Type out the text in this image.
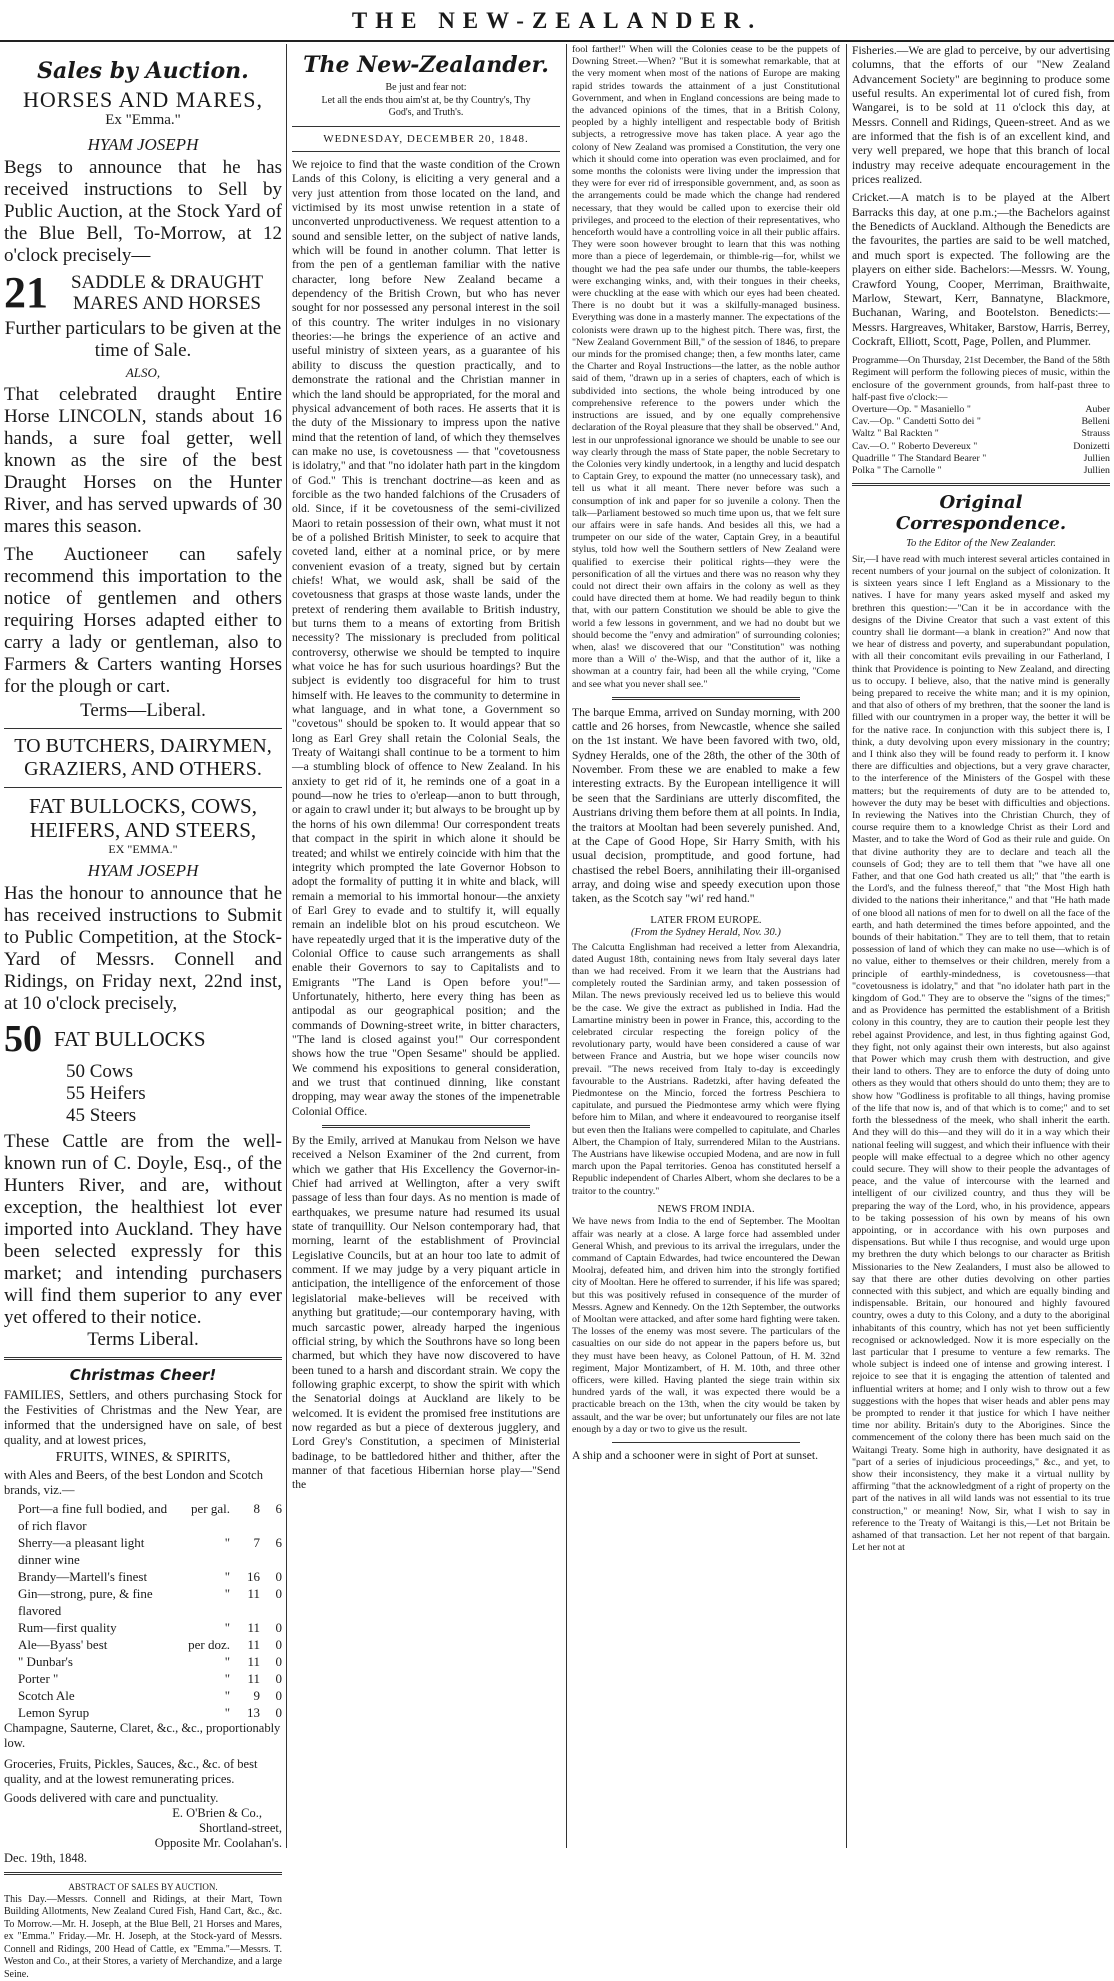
THE NEW-ZEALANDER.
Sales by Auction.
HORSES AND MARES,
Ex "Emma."
HYAM JOSEPH
Begs to announce that he has received instructions to Sell by Public Auction, at the Stock Yard of the Blue Bell, To-Morrow, at 12 o'clock precisely—
21	SADDLE & DRAUGHT MARES AND HORSES
Further particulars to be given at the time of Sale.
ALSO,
That celebrated draught Entire Horse LINCOLN, stands about 16 hands, a sure foal getter, well known as the sire of the best Draught Horses on the Hunter River, and has served upwards of 30 mares this season.
The Auctioneer can safely recommend this importation to the notice of gentlemen and others requiring Horses adapted either to carry a lady or gentleman, also to Farmers & Carters wanting Horses for the plough or cart.
Terms—Liberal.
TO BUTCHERS, DAIRYMEN, GRAZIERS, AND OTHERS.
FAT BULLOCKS, COWS, HEIFERS, AND STEERS,
EX "EMMA."
HYAM JOSEPH
Has the honour to announce that he has received instructions to Submit to Public Competition, at the Stock-Yard of Messrs. Connell and Ridings, on Friday next, 22nd inst, at 10 o'clock precisely,
50 FAT BULLOCKS
50 Cows
55 Heifers
45 Steers
These Cattle are from the well-known run of C. Doyle, Esq., of the Hunters River, and are, without exception, the healthiest lot ever imported into Auckland. They have been selected expressly for this market; and intending purchasers will find them superior to any ever yet offered to their notice.
Terms Liberal.
Christmas Cheer!
FAMILIES, Settlers, and others purchasing Stock for the Festivities of Christmas and the New Year, are informed that the undersigned have on sale, of best quality, and at lowest prices,
FRUITS, WINES, & SPIRITS,
with Ales and Beers, of the best London and Scotch brands, viz.—
Port—a fine full bodied, and of rich flavor
per gal.	8	6
Sherry—a pleasant light dinner wine
"	7	6
Brandy—Martell's finest	"	16	0
Gin—strong, pure, & fine flavored
"	11	0
Rum—first quality	"	11	0
Ale—Byass' best	per doz.	11	0
" Dunbar's	"	11	0
Porter "	"	11	0
Scotch Ale	"	9	0
Lemon Syrup	"	13	0
Champagne, Sauterne, Claret, &c., &c., proportionably low.
Groceries, Fruits, Pickles, Sauces, &c., &c. of best quality, and at the lowest remunerating prices.
Goods delivered with care and punctuality.
E. O'Brien & Co.,
Shortland-street,
Opposite Mr. Coolahan's.
Dec. 19th, 1848.
ABSTRACT OF SALES BY AUCTION.
This Day.—Messrs. Connell and Ridings, at their Mart, Town Building Allotments, New Zealand Cured Fish, Hand Cart, &c., &c. To Morrow.—Mr. H. Joseph, at the Blue Bell, 21 Horses and Mares, ex "Emma." Friday.—Mr. H. Joseph, at the Stock-yard of Messrs. Connell and Ridings, 200 Head of Cattle, ex "Emma."—Messrs. T. Weston and Co., at their Stores, a variety of Merchandize, and a large Seine.
The New-Zealander.
Be just and fear not:
Let all the ends thou aim'st at, be thy Country's, Thy God's, and Truth's.
WEDNESDAY, DECEMBER 20, 1848.
We rejoice to find that the waste condition of the Crown Lands of this Colony, is eliciting a very general and a very just attention from those located on the land, and victimised by its most unwise retention in a state of unconverted unproductiveness. We request attention to a sound and sensible letter, on the subject of native lands, which will be found in another column. That letter is from the pen of a gentleman familiar with the native character, long before New Zealand became a dependency of the British Crown, but who has never sought for nor possessed any personal interest in the soil of this country. The writer indulges in no visionary theories:—he brings the experience of an active and useful ministry of sixteen years, as a guarantee of his ability to discuss the question practically, and to demonstrate the rational and the Christian manner in which the land should be appropriated, for the moral and physical advancement of both races. He asserts that it is the duty of the Missionary to impress upon the native mind that the retention of land, of which they themselves can make no use, is covetousness — that "covetousness is idolatry," and that "no idolater hath part in the kingdom of God." This is trenchant doctrine—as keen and as forcible as the two handed falchions of the Crusaders of old. Since, if it be covetousness of the semi-civilized Maori to retain possession of their own, what must it not be of a polished British Minister, to seek to acquire that coveted land, either at a nominal price, or by mere convenient evasion of a treaty, signed but by certain chiefs! What, we would ask, shall be said of the covetousness that grasps at those waste lands, under the pretext of rendering them available to British industry, but turns them to a means of extorting from British necessity? The missionary is precluded from political controversy, otherwise we should be tempted to inquire what voice he has for such usurious hoardings? But the subject is evidently too disgraceful for him to trust himself with. He leaves to the community to determine in what language, and in what tone, a Government so "covetous" should be spoken to. It would appear that so long as Earl Grey shall retain the Colonial Seals, the Treaty of Waitangi shall continue to be a torment to him—a stumbling block of offence to New Zealand. In his anxiety to get rid of it, he reminds one of a goat in a pound—now he tries to o'erleap—anon to butt through, or again to crawl under it; but always to be brought up by the horns of his own dilemma! Our correspondent treats that compact in the spirit in which alone it should be treated; and whilst we entirely coincide with him that the integrity which prompted the late Governor Hobson to adopt the formality of putting it in white and black, will remain a memorial to his immortal honour—the anxiety of Earl Grey to evade and to stultify it, will equally remain an indelible blot on his proud escutcheon. We have repeatedly urged that it is the imperative duty of the Colonial Office to cause such arrangements as shall enable their Governors to say to Capitalists and to Emigrants "The Land is Open before you!"—Unfortunately, hitherto, here every thing has been as antipodal as our geographical position; and the commands of Downing-street write, in bitter characters, "The land is closed against you!" Our correspondent shows how the true "Open Sesame" should be applied. We commend his expositions to general consideration, and we trust that continued dinning, like constant dropping, may wear away the stones of the impenetrable Colonial Office.
By the Emily, arrived at Manukau from Nelson we have received a Nelson Examiner of the 2nd current, from which we gather that His Excellency the Governor-in-Chief had arrived at Wellington, after a very swift passage of less than four days. As no mention is made of earthquakes, we presume nature had resumed its usual state of tranquillity. Our Nelson contemporary had, that morning, learnt of the establishment of Provincial Legislative Councils, but at an hour too late to admit of comment. If we may judge by a very piquant article in anticipation, the intelligence of the enforcement of those legislatorial make-believes will be received with anything but gratitude;—our contemporary having, with much sarcastic power, already harped the ingenious official string, by which the Southrons have so long been charmed, but which they have now discovered to have been tuned to a harsh and discordant strain. We copy the following graphic excerpt, to show the spirit with which the Senatorial doings at Auckland are likely to be welcomed. It is evident the promised free institutions are now regarded as but a piece of dexterous jugglery, and Lord Grey's Constitution, a specimen of Ministerial badinage, to be battledored hither and thither, after the manner of that facetious Hibernian horse play—"Send the
fool farther!" When will the Colonies cease to be the puppets of Downing Street.—When? "But it is somewhat remarkable, that at the very moment when most of the nations of Europe are making rapid strides towards the attainment of a just Constitutional Government, and when in England concessions are being made to the advanced opinions of the times, that in a British Colony, peopled by a highly intelligent and respectable body of British subjects, a retrogressive move has taken place. A year ago the colony of New Zealand was promised a Constitution, the very one which it should come into operation was even proclaimed, and for some months the colonists were living under the impression that they were for ever rid of irresponsible government, and, as soon as the arrangements could be made which the change had rendered necessary, that they would be called upon to exercise their old privileges, and proceed to the election of their representatives, who henceforth would have a controlling voice in all their public affairs. They were soon however brought to learn that this was nothing more than a piece of legerdemain, or thimble-rig—for, whilst we thought we had the pea safe under our thumbs, the table-keepers were exchanging winks, and, with their tongues in their cheeks, were chuckling at the ease with which our eyes had been cheated. There is no doubt but it was a skilfully-managed business. Everything was done in a masterly manner. The expectations of the colonists were drawn up to the highest pitch. There was, first, the "New Zealand Government Bill," of the session of 1846, to prepare our minds for the promised change; then, a few months later, came the Charter and Royal Instructions—the latter, as the noble author said of them, "drawn up in a series of chapters, each of which is subdivided into sections, the whole being introduced by one comprehensive reference to the powers under which the instructions are issued, and by one equally comprehensive declaration of the Royal pleasure that they shall be observed." And, lest in our unprofessional ignorance we should be unable to see our way clearly through the mass of State paper, the noble Secretary to the Colonies very kindly undertook, in a lengthy and lucid despatch to Captain Grey, to expound the matter (no unnecessary task), and tell us what it all meant. There never before was such a consumption of ink and paper for so juvenile a colony. Then the talk—Parliament bestowed so much time upon us, that we felt sure our affairs were in safe hands. And besides all this, we had a trumpeter on our side of the water, Captain Grey, in a beautiful stylus, told how well the Southern settlers of New Zealand were qualified to exercise their political rights—they were the personification of all the virtues and there was no reason why they could not direct their own affairs in the colony as well as they could have directed them at home. We had readily begun to think that, with our pattern Constitution we should be able to give the world a few lessons in government, and we had no doubt but we should become the "envy and admiration" of surrounding colonies; when, alas! we discovered that our "Constitution" was nothing more than a Will o' the-Wisp, and that the author of it, like a showman at a country fair, had been all the while crying, "Come and see what you never shall see."
The barque Emma, arrived on Sunday morning, with 200 cattle and 26 horses, from Newcastle, whence she sailed on the 1st instant. We have been favored with two, old, Sydney Heralds, one of the 28th, the other of the 30th of November. From these we are enabled to make a few interesting extracts. By the European intelligence it will be seen that the Sardinians are utterly discomfited, the Austrians driving them before them at all points. In India, the traitors at Mooltan had been severely punished. And, at the Cape of Good Hope, Sir Harry Smith, with his usual decision, promptitude, and good fortune, had chastised the rebel Boers, annihilating their ill-organised array, and doing wise and speedy execution upon those taken, as the Scotch say "wi' red hand."
LATER FROM EUROPE.
(From the Sydney Herald, Nov. 30.)
The Calcutta Englishman had received a letter from Alexandria, dated August 18th, containing news from Italy several days later than we had received. From it we learn that the Austrians had completely routed the Sardinian army, and taken possession of Milan. The news previously received led us to believe this would be the case. We give the extract as published in India. Had the Lamartine ministry been in power in France, this, according to the celebrated circular respecting the foreign policy of the revolutionary party, would have been considered a cause of war between France and Austria, but we hope wiser councils now prevail. "The news received from Italy to-day is exceedingly favourable to the Austrians. Radetzki, after having defeated the Piedmontese on the Mincio, forced the fortress Peschiera to capitulate, and pursued the Piedmontese army which were flying before him to Milan, and where it endeavoured to reorganise itself but even then the Italians were compelled to capitulate, and Charles Albert, the Champion of Italy, surrendered Milan to the Austrians. The Austrians have likewise occupied Modena, and are now in full march upon the Papal territories. Genoa has constituted herself a Republic independent of Charles Albert, whom she declares to be a traitor to the country."
NEWS FROM INDIA.
We have news from India to the end of September. The Mooltan affair was nearly at a close. A large force had assembled under General Whish, and previous to its arrival the irregulars, under the command of Captain Edwardes, had twice encountered the Dewan Moolraj, defeated him, and driven him into the strongly fortified city of Mooltan. Here he offered to surrender, if his life was spared; but this was positively refused in consequence of the murder of Messrs. Agnew and Kennedy. On the 12th September, the outworks of Mooltan were attacked, and after some hard fighting were taken. The losses of the enemy was most severe. The particulars of the casualties on our side do not appear in the papers before us, but they must have been heavy, as Colonel Pattoun, of H. M. 32nd regiment, Major Montizambert, of H. M. 10th, and three other officers, were killed. Having planted the siege train within six hundred yards of the wall, it was expected there would be a practicable breach on the 13th, when the city would be taken by assault, and the war be over; but unfortunately our files are not late enough by a day or two to give us the result.
A ship and a schooner were in sight of Port at sunset.
Fisheries.—We are glad to perceive, by our advertising columns, that the efforts of our "New Zealand Advancement Society" are beginning to produce some useful results. An experimental lot of cured fish, from Wangarei, is to be sold at 11 o'clock this day, at Messrs. Connell and Ridings, Queen-street. And as we are informed that the fish is of an excellent kind, and very well prepared, we hope that this branch of local industry may receive adequate encouragement in the prices realized.
Cricket.—A match is to be played at the Albert Barracks this day, at one p.m.;—the Bachelors against the Benedicts of Auckland. Although the Benedicts are the favourites, the parties are said to be well matched, and much sport is expected. The following are the players on either side. Bachelors:—Messrs. W. Young, Crawford Young, Cooper, Merriman, Braithwaite, Marlow, Stewart, Kerr, Bannatyne, Blackmore, Buchanan, Waring, and Bootelston. Benedicts:—Messrs. Hargreaves, Whitaker, Barstow, Harris, Berrey, Cockraft, Elliott, Scott, Page, Pollen, and Plummer.
Programme—On Thursday, 21st December, the Band of the 58th Regiment will perform the following pieces of music, within the enclosure of the government grounds, from half-past three to half-past five o'clock:—
Overture—Op. " Masaniello "	Auber
Cav.—Op. " Candetti Sotto dei "	Belleni
Waltz " Bal Rackten "	Strauss
Cav.—O. " Roberto Devereux "	Donizetti
Quadrille " The Standard Bearer "	Jullien
Polka " The Carnolle "	Jullien
Original Correspondence.
To the Editor of the New Zealander.
Sir,—I have read with much interest several articles contained in recent numbers of your journal on the subject of colonization. It is sixteen years since I left England as a Missionary to the natives. I have for many years asked myself and asked my brethren this question:—"Can it be in accordance with the designs of the Divine Creator that such a vast extent of this country shall lie dormant—a blank in creation?" And now that we hear of distress and poverty, and superabundant population, with all their concomitant evils prevailing in our Fatherland, I think that Providence is pointing to New Zealand, and directing us to occupy. I believe, also, that the native mind is generally being prepared to receive the white man; and it is my opinion, and that also of others of my brethren, that the sooner the land is filled with our countrymen in a proper way, the better it will be for the native race. In conjunction with this subject there is, I think, a duty devolving upon every missionary in the country; and I think also they will be found ready to perform it. I know there are difficulties and objections, but a very grave character, to the interference of the Ministers of the Gospel with these matters; but the requirements of duty are to be attended to, however the duty may be beset with difficulties and objections. In reviewing the Natives into the Christian Church, they of course require them to a knowledge Christ as their Lord and Master, and to take the Word of God as their rule and guide. On that divine authority they are to declare and teach all the counsels of God; they are to tell them that "we have all one Father, and that one God hath created us all;" that "the earth is the Lord's, and the fulness thereof," that "the Most High hath divided to the nations their inheritance," and that "He hath made of one blood all nations of men for to dwell on all the face of the earth, and hath determined the times before appointed, and the bounds of their habitation." They are to tell them, that to retain possession of land of which they can make no use—which is of no value, either to themselves or their children, merely from a principle of earthly-mindedness, is covetousness—that "covetousness is idolatry," and that "no idolater hath part in the kingdom of God." They are to observe the "signs of the times;" and as Providence has permitted the establishment of a British colony in this country, they are to caution their people lest they rebel against Providence, and lest, in thus fighting against God, they fight, not only against their own interests, but also against that Power which may crush them with destruction, and give their land to others. They are to enforce the duty of doing unto others as they would that others should do unto them; they are to show how "Godliness is profitable to all things, having promise of the life that now is, and of that which is to come;" and to set forth the blessedness of the meek, who shall inherit the earth. And they will do this—and they will do it in a way which their national feeling will suggest, and which their influence with their people will make effectual to a degree which no other agency could secure. They will show to their people the advantages of peace, and the value of intercourse with the learned and intelligent of our civilized country, and thus they will be preparing the way of the Lord, who, in his providence, appears to be taking possession of his own by means of his own appointing, or in accordance with his own purposes and dispensations. But while I thus recognise, and would urge upon my brethren the duty which belongs to our character as British Missionaries to the New Zealanders, I must also be allowed to say that there are other duties devolving on other parties connected with this subject, and which are equally binding and indispensable. Britain, our honoured and highly favoured country, owes a duty to this Colony, and a duty to the aboriginal inhabitants of this country, which has not yet been sufficiently recognised or acknowledged. Now it is more especially on the last particular that I presume to venture a few remarks. The whole subject is indeed one of intense and growing interest. I rejoice to see that it is engaging the attention of talented and influential writers at home; and I only wish to throw out a few suggestions with the hopes that wiser heads and abler pens may be prompted to render it that justice for which I have neither time nor ability. Britain's duty to the Aborigines. Since the commencement of the colony there has been much said on the Waitangi Treaty. Some high in authority, have designated it as "part of a series of injudicious proceedings," &c., and yet, to show their inconsistency, they make it a virtual nullity by affirming "that the acknowledgment of a right of property on the part of the natives in all wild lands was not essential to its true construction," or meaning! Now, Sir, what I wish to say in reference to the Treaty of Waitangi is this,—Let not Britain be ashamed of that transaction. Let her not repent of that bargain. Let her not at
